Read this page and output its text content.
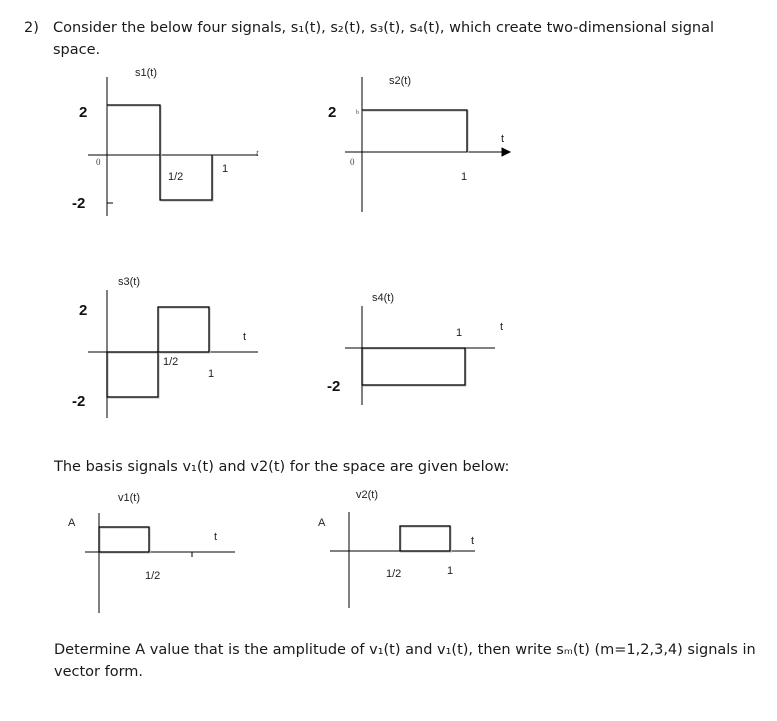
2) Consider the below four signals, s₁(t), s₂(t), s₃(t), s₄(t), which create two-dimensional signal
space.
s1(t)
2
-2
0
1/2
1
t
s2(t)
2	b
0
1
t
s3(t)
2
-2
1/2
1
t
s4(t)
-2
1	t
The basis signals v₁(t) and v2(t) for the space are given below:
v1(t)
A
1/2
t
v2(t)
A
1/2	1
t
Determine A value that is the amplitude of v₁(t) and v₁(t), then write sₘ(t) (m=1,2,3,4) signals in
vector form.
